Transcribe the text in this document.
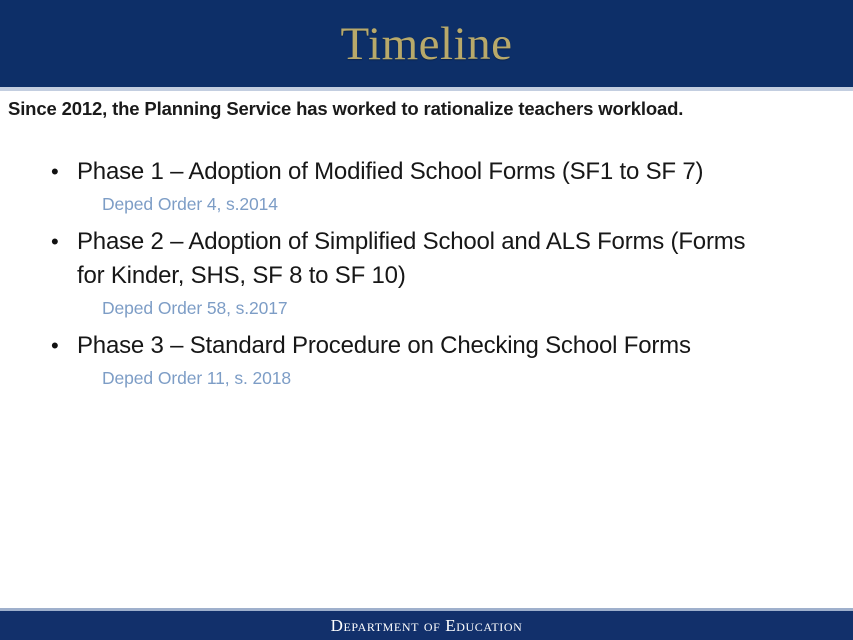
Timeline
Since 2012, the Planning Service has worked to rationalize teachers workload.
• Phase 1 – Adoption of Modified School Forms (SF1 to SF 7)
Deped Order 4, s.2014
• Phase 2 – Adoption of Simplified School and ALS Forms (Forms for Kinder, SHS, SF 8 to SF 10)
Deped Order 58, s.2017
• Phase 3 – Standard Procedure on Checking School Forms
Deped Order 11, s. 2018
Department of Education
